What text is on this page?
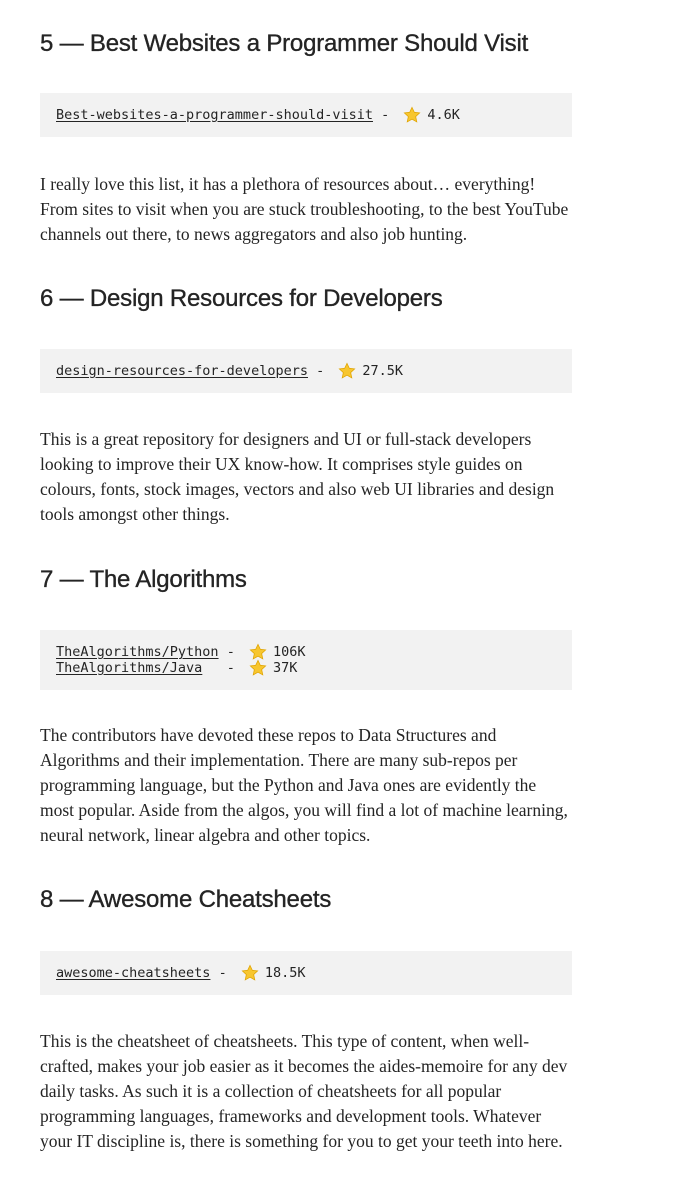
5 — Best Websites a Programmer Should Visit
Best-websites-a-programmer-should-visit - 4.6K

I really love this list, it has a plethora of resources about… everything! From sites to visit when you are stuck troubleshooting, to the best YouTube channels out there, to news aggregators and also job hunting.

6 — Design Resources for Developers
design-resources-for-developers - 27.5K

This is a great repository for designers and UI or full-stack developers looking to improve their UX know-how. It comprises style guides on colours, fonts, stock images, vectors and also web UI libraries and design tools amongst other things.

7 — The Algorithms
TheAlgorithms/Python - 106K
TheAlgorithms/Java - 37K

The contributors have devoted these repos to Data Structures and Algorithms and their implementation. There are many sub-repos per programming language, but the Python and Java ones are evidently the most popular. Aside from the algos, you will find a lot of machine learning, neural network, linear algebra and other topics.

8 — Awesome Cheatsheets
awesome-cheatsheets - 18.5K

This is the cheatsheet of cheatsheets. This type of content, when well-crafted, makes your job easier as it becomes the aides-memoire for any dev daily tasks. As such it is a collection of cheatsheets for all popular programming languages, frameworks and development tools. Whatever your IT discipline is, there is something for you to get your teeth into here.
